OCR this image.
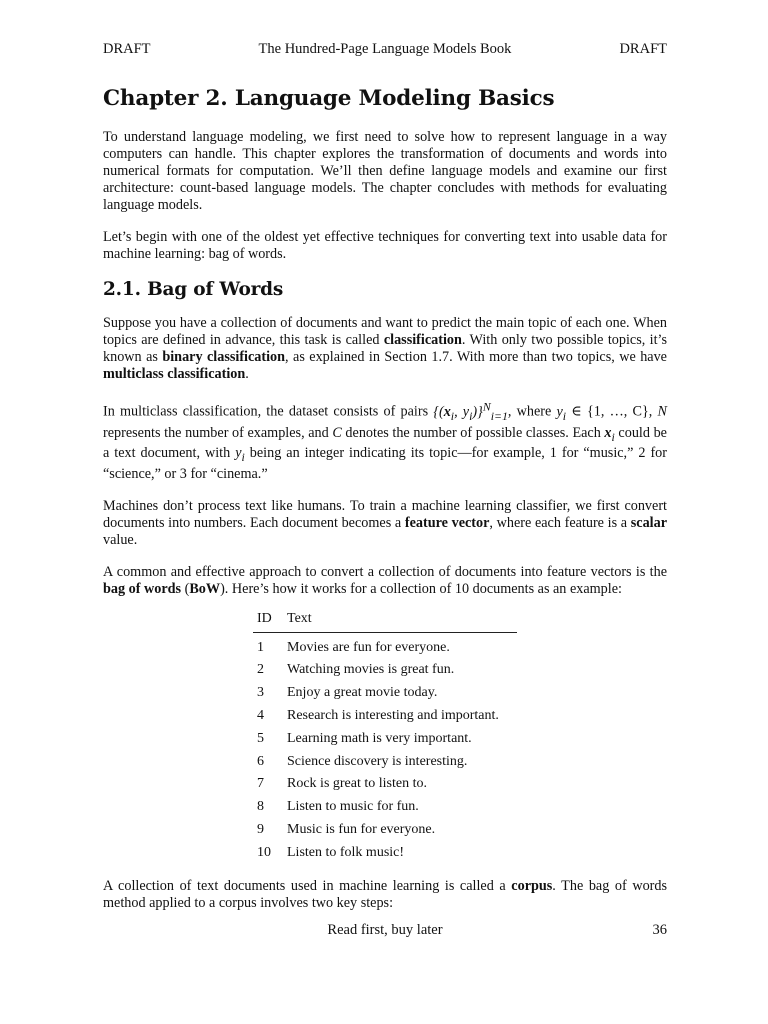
DRAFT	The Hundred-Page Language Models Book	DRAFT
Chapter 2. Language Modeling Basics

To understand language modeling, we first need to solve how to represent language in a way computers can handle. This chapter explores the transformation of documents and words into numerical formats for computation. We’ll then define language models and examine our first architecture: count-based language models. The chapter concludes with methods for evaluating language models.

Let’s begin with one of the oldest yet effective techniques for converting text into usable data for machine learning: bag of words.

2.1. Bag of Words

Suppose you have a collection of documents and want to predict the main topic of each one. When topics are defined in advance, this task is called classification. With only two possible topics, it’s known as binary classification, as explained in Section 1.7. With more than two topics, we have multiclass classification.

In multiclass classification, the dataset consists of pairs {($x_i$, $y_i)\}^N_{i=1}$, where $y_i$ ∈ {1, …, C}, N represents the number of examples, and C denotes the number of possible classes. Each $x_i$ could be a text document, with $y_i$ being an integer indicating its topic—for example, 1 for “music,” 2 for “science,” or 3 for “cinema.”

Machines don’t process text like humans. To train a machine learning classifier, we first convert documents into numbers. Each document becomes a feature vector, where each feature is a scalar value.

A common and effective approach to convert a collection of documents into feature vectors is the bag of words (BoW). Here’s how it works for a collection of 10 documents as an example:

ID	Text
1	Movies are fun for everyone.
2	Watching movies is great fun.
3	Enjoy a great movie today.
4	Research is interesting and important.
5	Learning math is very important.
6	Science discovery is interesting.
7	Rock is great to listen to.
8	Listen to music for fun.
9	Music is fun for everyone.
10	Listen to folk music!

A collection of text documents used in machine learning is called a corpus. The bag of words method applied to a corpus involves two key steps:

Read first, buy later	36
